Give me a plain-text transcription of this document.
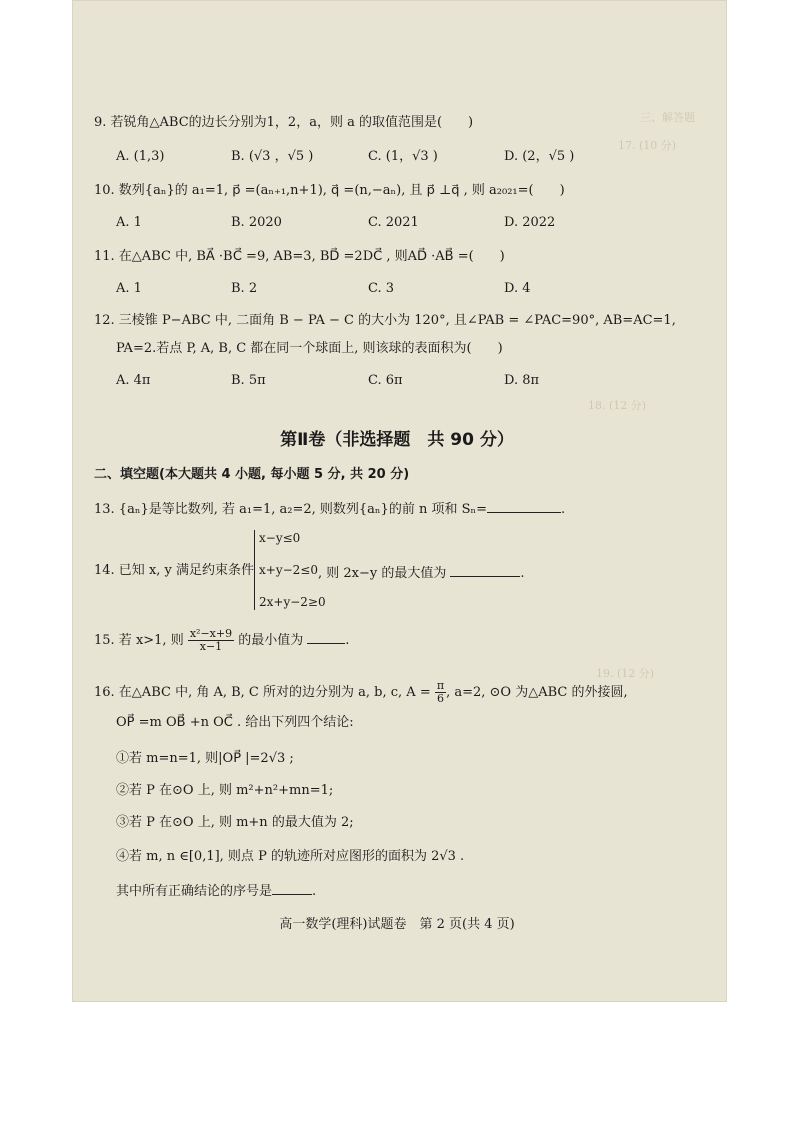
三、解答题
17. (10 分)
18. (12 分)
19. (12 分)
9. 若锐角△ABC的边长分别为1，2，a，则 a 的取值范围是(　　)
A. (1,3)	B. (√3 ，√5 )	C. (1，√3 )	D. (2，√5 )
10. 数列{aₙ}的 a₁=1, p⃗ =(aₙ₊₁,n+1), q⃗ =(n,−aₙ), 且 p⃗ ⊥q⃗ , 则 a₂₀₂₁=(　　)
A. 1	B. 2020	C. 2021	D. 2022
11. 在△ABC 中, BA⃗ ·BC⃗ =9, AB=3, BD⃗ =2DC⃗ , 则AD⃗ ·AB⃗ =(　　)
A. 1	B. 2	C. 3	D. 4
12. 三棱锥 P−ABC 中, 二面角 B − PA − C 的大小为 120°, 且∠PAB = ∠PAC=90°, AB=AC=1,
PA=2.若点 P, A, B, C 都在同一个球面上, 则该球的表面积为(　　)
A. 4π	B. 5π	C. 6π	D. 8π
第Ⅱ卷（非选择题　共 90 分）
二、填空题(本大题共 4 小题, 每小题 5 分, 共 20 分)
13. {aₙ}是等比数列, 若 a₁=1, a₂=2, 则数列{aₙ}的前 n 项和 Sₙ=	.
14. 已知 x, y 满足约束条件
x−y≤0
x+y−2≤0
2x+y−2≥0
, 则 2x−y 的最大值为	.
15. 若 x>1, 则 $\frac{\text{x²−x+9}}{x-1}$ 的最小值为	.
16. 在△ABC 中, 角 A, B, C 所对的边分别为 a, b, c, $A = \frac{\pi}{6}$ , a=2, ⊙O 为△ABC 的外接圆,
OP⃗ =m OB⃗ +n OC⃗ . 给出下列四个结论:
①若 m=n=1, 则|OP⃗ |=2√3 ;
②若 P 在⊙O 上, 则 m²+n²+mn=1;
③若 P 在⊙O 上, 则 m+n 的最大值为 2;
④若 m, n ∈[0,1], 则点 P 的轨迹所对应图形的面积为 2√3 .
其中所有正确结论的序号是	.
高一数学(理科)试题卷　第 2 页(共 4 页)
